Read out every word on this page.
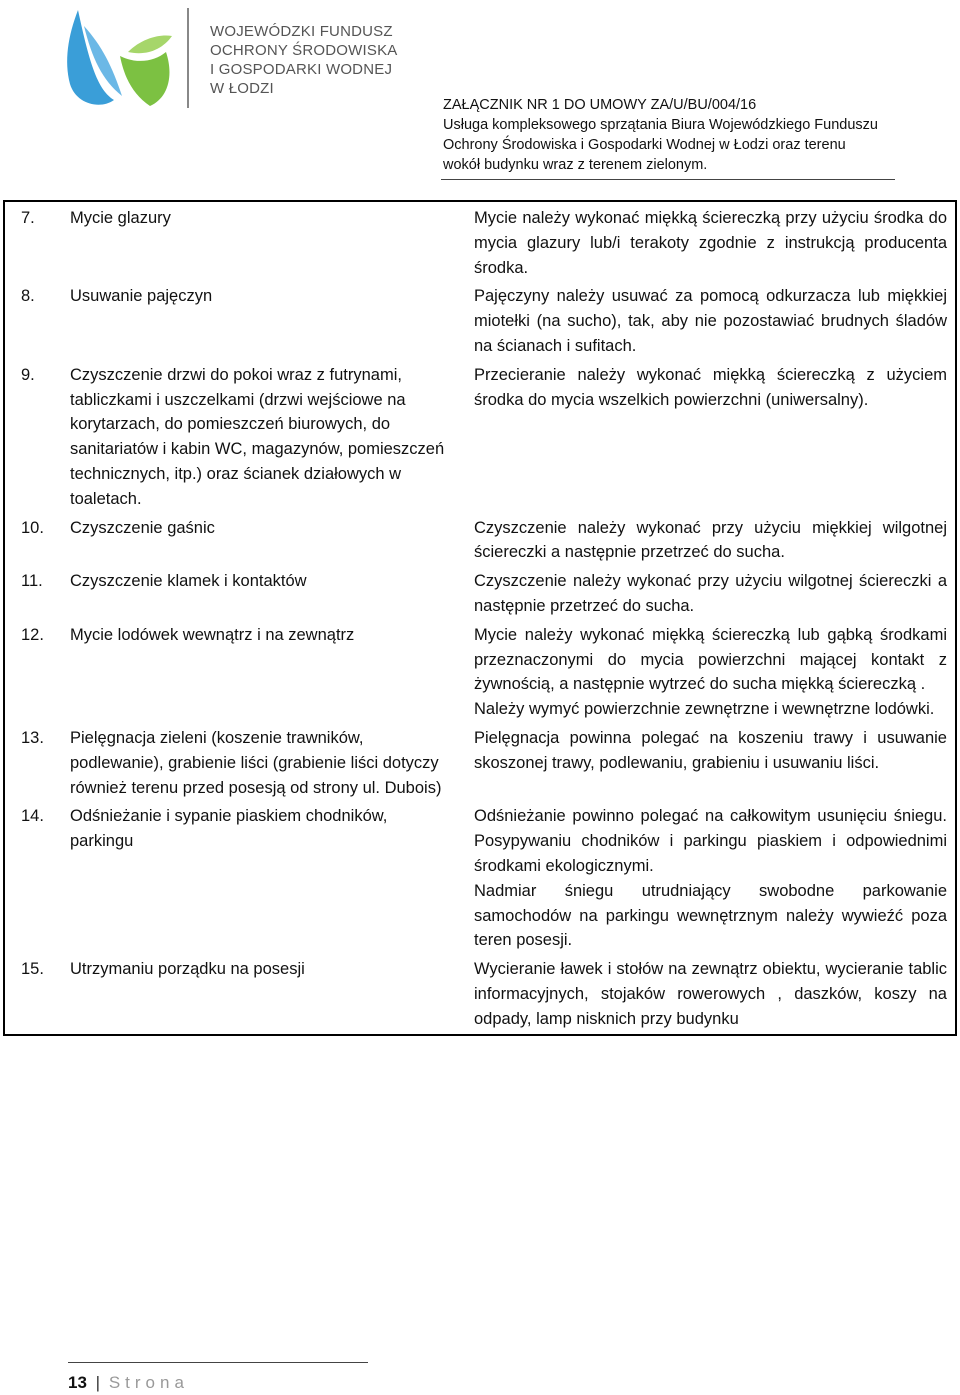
WOJEWÓDZKI FUNDUSZ
OCHRONY ŚRODOWISKA
I GOSPODARKI WODNEJ
W ŁODZI
ZAŁĄCZNIK NR 1 DO UMOWY ZA/U/BU/004/16
Usługa kompleksowego sprzątania Biura Wojewódzkiego Funduszu
Ochrony Środowiska i Gospodarki Wodnej w Łodzi oraz terenu
wokół budynku wraz z terenem zielonym.
7.	Mycie glazury	Mycie należy wykonać miękką ściereczką przy użyciu środka do mycia glazury lub/i terakoty zgodnie z instrukcją producenta środka.

8.	Usuwanie pajęczyn	Pajęczyny należy usuwać za pomocą odkurzacza lub miękkiej miotełki (na sucho), tak, aby nie pozostawiać brudnych śladów na ścianach i sufitach.

9.	Czyszczenie drzwi do pokoi wraz z futrynami, tabliczkami i uszczelkami (drzwi wejściowe na korytarzach, do pomieszczeń biurowych, do sanitariatów i kabin WC, magazynów, pomieszczeń technicznych, itp.) oraz ścianek działowych w toaletach.	Przecieranie należy wykonać miękką ściereczką z użyciem środka do mycia wszelkich powierzchni (uniwersalny).

10.	Czyszczenie gaśnic	Czyszczenie należy wykonać przy użyciu miękkiej wilgotnej ściereczki a następnie przetrzeć do sucha.

11.	Czyszczenie klamek i kontaktów	Czyszczenie należy wykonać przy użyciu wilgotnej ściereczki a następnie przetrzeć do sucha.

12.	Mycie lodówek wewnątrz i na zewnątrz	Mycie należy wykonać miękką ściereczką lub gąbką środkami przeznaczonymi do mycia powierzchni mającej kontakt z żywnością, a następnie wytrzeć do sucha miękką ściereczką .
Należy wymyć powierzchnie zewnętrzne i wewnętrzne lodówki.

13.	Pielęgnacja zieleni (koszenie trawników, podlewanie), grabienie liści (grabienie liści dotyczy również terenu przed posesją od strony ul. Dubois)	Pielęgnacja powinna polegać na koszeniu trawy i usuwanie skoszonej trawy, podlewaniu, grabieniu i usuwaniu liści.

14.	Odśnieżanie i sypanie piaskiem chodników, parkingu	Odśnieżanie powinno polegać na całkowitym usunięciu śniegu. Posypywaniu chodników i parkingu piaskiem i odpowiednimi środkami ekologicznymi.
Nadmiar śniegu utrudniający swobodne parkowanie samochodów na parkingu wewnętrznym należy wywieźć poza teren posesji.

15.	Utrzymaniu porządku na posesji	Wycieranie ławek i stołów na zewnątrz obiektu, wycieranie tablic informacyjnych, stojaków rowerowych , daszków, koszy na odpady, lamp nisknich przy budynku
13 | Strona
